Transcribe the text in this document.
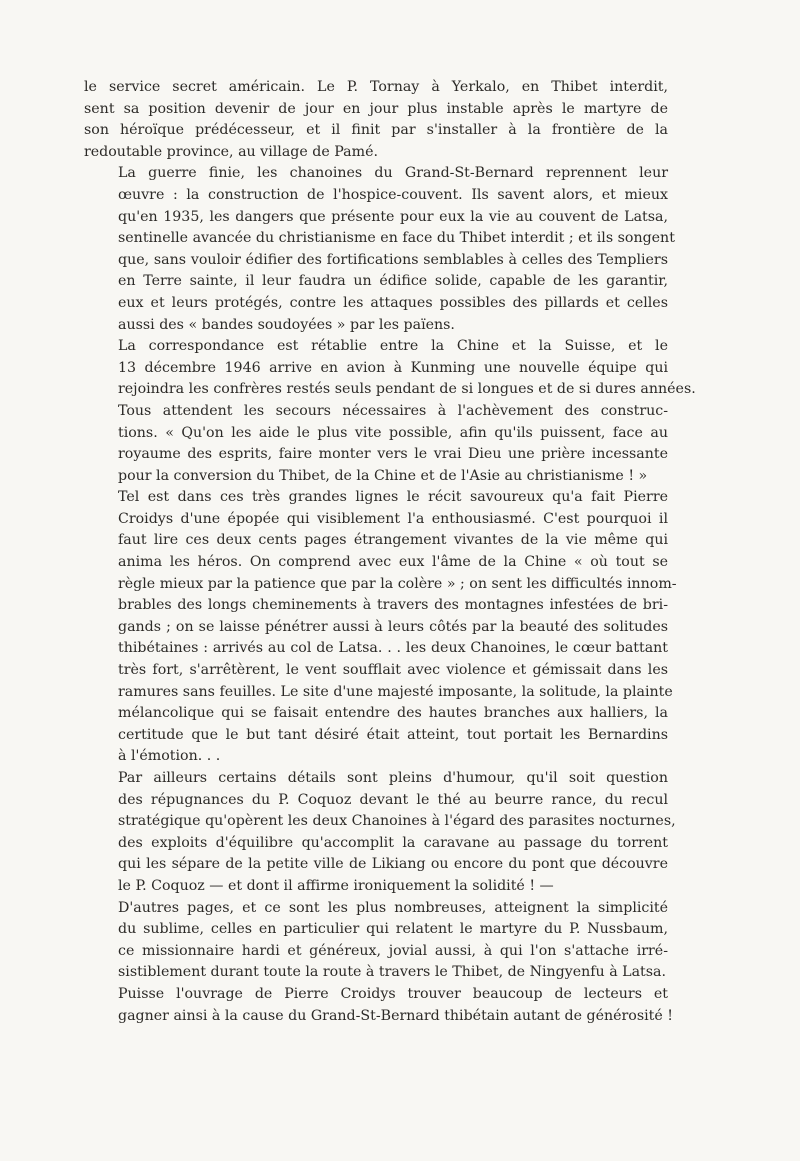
le service secret américain. Le P. Tornay à Yerkalo, en Thibet interdit,
sent sa position devenir de jour en jour plus instable après le martyre de
son héroïque prédécesseur, et il finit par s'installer à la frontière de la
redoutable province, au village de Pamé.
La guerre finie, les chanoines du Grand-St-Bernard reprennent leur
œuvre : la construction de l'hospice-couvent. Ils savent alors, et mieux
qu'en 1935, les dangers que présente pour eux la vie au couvent de Latsa,
sentinelle avancée du christianisme en face du Thibet interdit ; et ils songent
que, sans vouloir édifier des fortifications semblables à celles des Templiers
en Terre sainte, il leur faudra un édifice solide, capable de les garantir,
eux et leurs protégés, contre les attaques possibles des pillards et celles
aussi des « bandes soudoyées » par les païens.
La correspondance est rétablie entre la Chine et la Suisse, et le
13 décembre 1946 arrive en avion à Kunming une nouvelle équipe qui
rejoindra les confrères restés seuls pendant de si longues et de si dures années.
Tous attendent les secours nécessaires à l'achèvement des construc-
tions. « Qu'on les aide le plus vite possible, afin qu'ils puissent, face au
royaume des esprits, faire monter vers le vrai Dieu une prière incessante
pour la conversion du Thibet, de la Chine et de l'Asie au christianisme ! »
Tel est dans ces très grandes lignes le récit savoureux qu'a fait Pierre
Croidys d'une épopée qui visiblement l'a enthousiasmé. C'est pourquoi il
faut lire ces deux cents pages étrangement vivantes de la vie même qui
anima les héros. On comprend avec eux l'âme de la Chine « où tout se
règle mieux par la patience que par la colère » ; on sent les difficultés innom-
brables des longs cheminements à travers des montagnes infestées de bri-
gands ; on se laisse pénétrer aussi à leurs côtés par la beauté des solitudes
thibétaines : arrivés au col de Latsa. . . les deux Chanoines, le cœur battant
très fort, s'arrêtèrent, le vent soufflait avec violence et gémissait dans les
ramures sans feuilles. Le site d'une majesté imposante, la solitude, la plainte
mélancolique qui se faisait entendre des hautes branches aux halliers, la
certitude que le but tant désiré était atteint, tout portait les Bernardins
à l'émotion. . .
Par ailleurs certains détails sont pleins d'humour, qu'il soit question
des répugnances du P. Coquoz devant le thé au beurre rance, du recul
stratégique qu'opèrent les deux Chanoines à l'égard des parasites nocturnes,
des exploits d'équilibre qu'accomplit la caravane au passage du torrent
qui les sépare de la petite ville de Likiang ou encore du pont que découvre
le P. Coquoz — et dont il affirme ironiquement la solidité ! —
D'autres pages, et ce sont les plus nombreuses, atteignent la simplicité
du sublime, celles en particulier qui relatent le martyre du P. Nussbaum,
ce missionnaire hardi et généreux, jovial aussi, à qui l'on s'attache irré-
sistiblement durant toute la route à travers le Thibet, de Ningyenfu à Latsa.
Puisse l'ouvrage de Pierre Croidys trouver beaucoup de lecteurs et
gagner ainsi à la cause du Grand-St-Bernard thibétain autant de générosité !
